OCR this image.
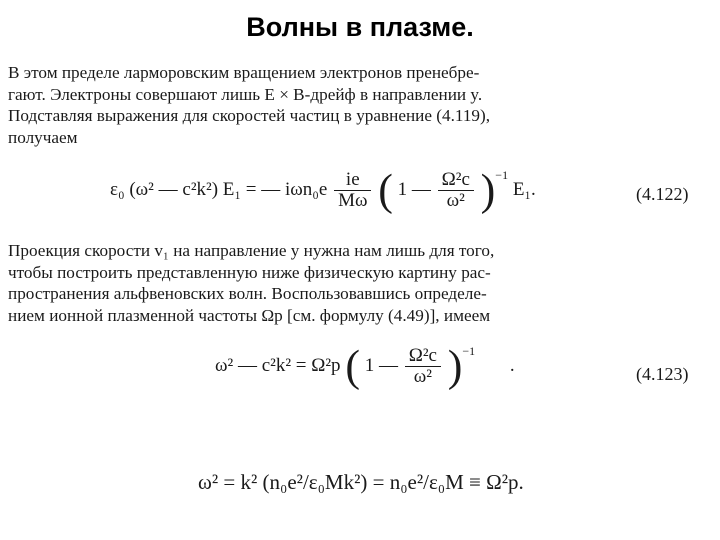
Волны в плазме.
В этом пределе лармoровским вращением электронов пренебре-
гают. Электроны совершают лишь E × B-дрейф в направлении y.
Подставляя выражения для скоростей частиц в уравнение (4.119),
получаем
ε₀ (ω² — c²k²) E₁ = — $i\omega n_0e \frac{ie}{M\omega}$ ( 1 — $\frac{\text{Ω²c}}{\text{ω²}} )^{-1}$ E₁.	(4.122)
Проекция скорости v₁ на направление y нужна нам лишь для того,
чтобы построить представленную ниже физическую картину рас-
пространения альфвеновских волн. Воспользовавшись определе-
нием ионной плазменной частоты Ωp [см. формулу (4.49)], имеем
ω² — c²k² = Ω²p ( 1 — $\frac{\text{Ω²c}}{\text{ω²}} )^{-1}$ .	(4.123)
ω² = k² (n₀e²/ε₀Mk²) = n₀e²/ε₀M ≡ Ω²p.
